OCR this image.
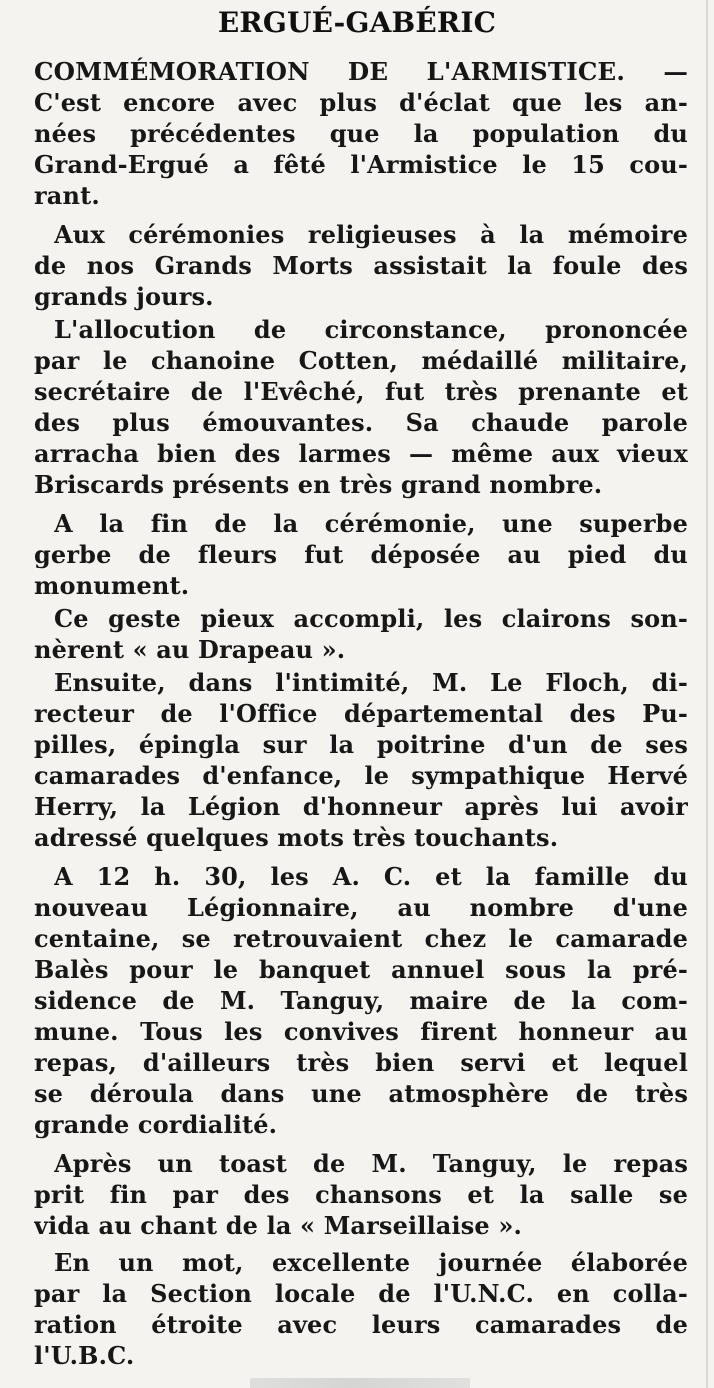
ERGUÉ-GABÉRIC
COMMÉMORATION DE L'ARMISTICE. —
C'est encore avec plus d'éclat que les an-
nées précédentes que la population du
Grand-Ergué a fêté l'Armistice le 15 cou-
rant.
Aux cérémonies religieuses à la mémoire
de nos Grands Morts assistait la foule des
grands jours.
L'allocution de circonstance, prononcée
par le chanoine Cotten, médaillé militaire,
secrétaire de l'Evêché, fut très prenante et
des plus émouvantes. Sa chaude parole
arracha bien des larmes — même aux vieux
Briscards présents en très grand nombre.
A la fin de la cérémonie, une superbe
gerbe de fleurs fut déposée au pied du
monument.
Ce geste pieux accompli, les clairons son-
nèrent « au Drapeau ».
Ensuite, dans l'intimité, M. Le Floch, di-
recteur de l'Office départemental des Pu-
pilles, épingla sur la poitrine d'un de ses
camarades d'enfance, le sympathique Hervé
Herry, la Légion d'honneur après lui avoir
adressé quelques mots très touchants.
A 12 h. 30, les A. C. et la famille du
nouveau Légionnaire, au nombre d'une
centaine, se retrouvaient chez le camarade
Balès pour le banquet annuel sous la pré-
sidence de M. Tanguy, maire de la com-
mune. Tous les convives firent honneur au
repas, d'ailleurs très bien servi et lequel
se déroula dans une atmosphère de très
grande cordialité.
Après un toast de M. Tanguy, le repas
prit fin par des chansons et la salle se
vida au chant de la « Marseillaise ».
En un mot, excellente journée élaborée
par la Section locale de l'U.N.C. en colla-
ration étroite avec leurs camarades de
l'U.B.C.
